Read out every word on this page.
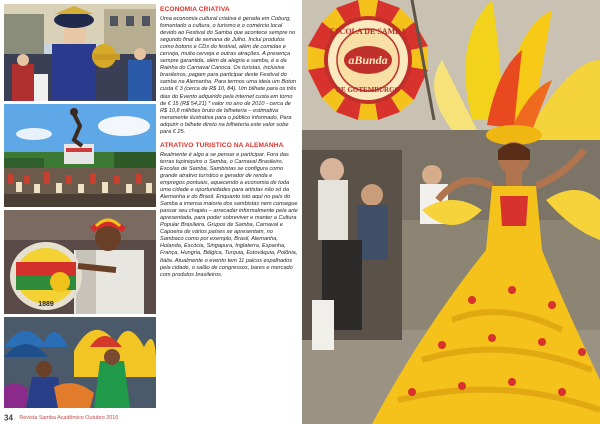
1889
ECONOMIA CRIATIVA
Uma economia cultural criativa é gerada em Coburg, fomentado a cultura, o turismo e o comércio local devido ao Festival do Samba que acontece sempre no segundo final de semana de Julho. Inclui produtos como botons e CDs do festival, além de comidas e cerveja, muita cerveja e outras atrações. A presença sempre garantida, além da alegria e samba, é a da Rainha do Carnaval Carioca. Os turistas, inclusive brasileiros, pagam para participar deste Festival do samba na Alemanha. Para termos uma ideia um Boton custa € 3 (cerca de R$ 10, 84). Um bilhete para os três dias do Evento adquirido pela internet custa em torno de € 15 (R$ 54,21) * valor no ano de 2010 - cerca de R$ 10,8 milhões bruto de bilheteria – estimativa meramente ilustrativa para o público informado, Para adquirir o bilhete direto na bilheteria este valor sobe para € 25.
ATRATIVO TURISTICO NA ALEMANHA
Realmente é algo a se pensar e participar. Fora das terras tupiniquins o Samba, o Carnaval Brasileiro, Escolas de Samba, Sambistas se configura como grande atrativo turístico e gerador de renda e empregos pontuais, aquecendo a economia de toda uma cidade e oportunidades para artistas não só da Alemanha e do Brasil. Enquanto isto aqui no país do Samba a imensa maioria dos sambistas nem consegue passar seu chapéu – arrecadar informalmente pela arte apresentada, para poder sobreviver e manter a Cultura Popular Brasileira. Grupos de Samba, Carnaval e Capoeira de vários países se apresentam, no Sambaco como por exemplo, Brasil, Alemanha, Holanda, Escócia, Singapura, Inglaterra, Espanha, França, Hungria, Bélgica, Turquia, Estováquia, Polônia, Itália. Atualmente o evento tem 11 palcos espalhados pela cidade, o salão de congressos, bares e mercado com produtos brasileiros.
34 Revista Samba Acadêmico Outubro 2016
ESCOLA DE SAMBA
aBunda
DE GOTEMBURGO
